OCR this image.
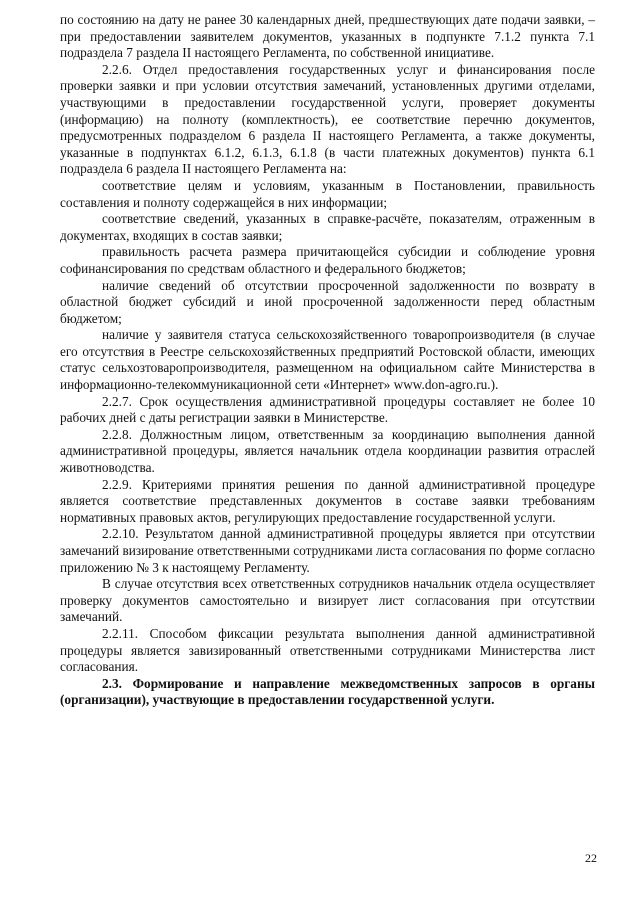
по состоянию на дату не ранее 30 календарных дней, предшествующих дате подачи заявки, – при предоставлении заявителем документов, указанных в подпункте 7.1.2 пункта 7.1 подраздела 7 раздела II настоящего Регламента, по собственной инициативе.

2.2.6. Отдел предоставления государственных услуг и финансирования после проверки заявки и при условии отсутствия замечаний, установленных другими отделами, участвующими в предоставлении государственной услуги, проверяет документы (информацию) на полноту (комплектность), ее соответствие перечню документов, предусмотренных подразделом 6 раздела II настоящего Регламента, а также документы, указанные в подпунктах 6.1.2, 6.1.3, 6.1.8 (в части платежных документов) пункта 6.1 подраздела 6 раздела II настоящего Регламента на:

соответствие целям и условиям, указанным в Постановлении, правильность составления и полноту содержащейся в них информации;

соответствие сведений, указанных в справке-расчёте, показателям, отраженным в документах, входящих в состав заявки;

правильность расчета размера причитающейся субсидии и соблюдение уровня софинансирования по средствам областного и федерального бюджетов;

наличие сведений об отсутствии просроченной задолженности по возврату в областной бюджет субсидий и иной просроченной задолженности перед областным бюджетом;

наличие у заявителя статуса сельскохозяйственного товаропроизводителя (в случае его отсутствия в Реестре сельскохозяйственных предприятий Ростовской области, имеющих статус сельхозтоваропроизводителя, размещенном на официальном сайте Министерства в информационно-телекоммуникационной сети «Интернет» www.don-agro.ru.).

2.2.7. Срок осуществления административной процедуры составляет не более 10 рабочих дней с даты регистрации заявки в Министерстве.

2.2.8. Должностным лицом, ответственным за координацию выполнения данной административной процедуры, является начальник отдела координации развития отраслей животноводства.

2.2.9. Критериями принятия решения по данной административной процедуре является соответствие представленных документов в составе заявки требованиям нормативных правовых актов, регулирующих предоставление государственной услуги.

2.2.10. Результатом данной административной процедуры является при отсутствии замечаний визирование ответственными сотрудниками листа согласования по форме согласно приложению № 3 к настоящему Регламенту.

В случае отсутствия всех ответственных сотрудников начальник отдела осуществляет проверку документов самостоятельно и визирует лист согласования при отсутствии замечаний.

2.2.11. Способом фиксации результата выполнения данной административной процедуры является завизированный ответственными сотрудниками Министерства лист согласования.

2.3. Формирование и направление межведомственных запросов в органы (организации), участвующие в предоставлении государственной услуги.

22
